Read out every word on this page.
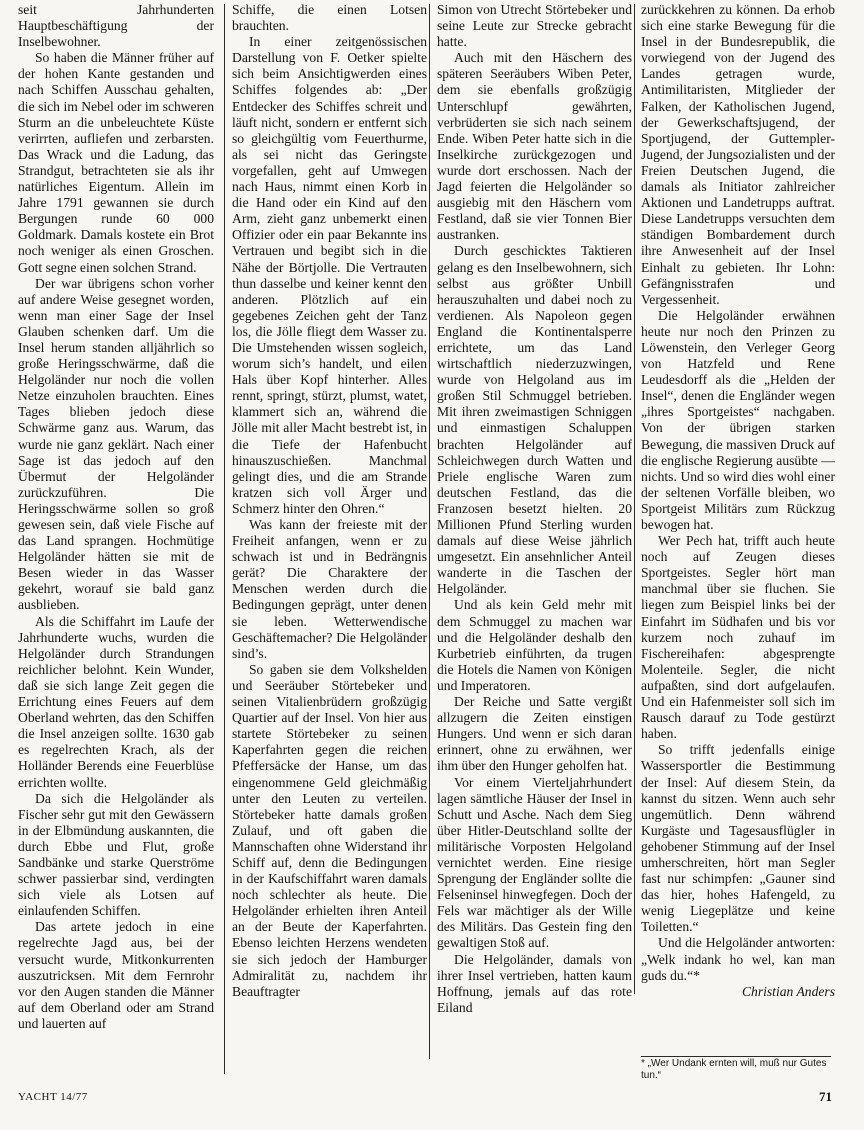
seit Jahrhunderten Hauptbeschäftigung der Inselbewohner.

So haben die Männer früher auf der hohen Kante gestanden und nach Schiffen Ausschau gehalten, die sich im Nebel oder im schweren Sturm an die unbeleuchtete Küste verirrten, aufliefen und zerbarsten. Das Wrack und die Ladung, das Strandgut, betrachteten sie als ihr natürliches Eigentum. Allein im Jahre 1791 gewannen sie durch Bergungen runde 60 000 Goldmark. Damals kostete ein Brot noch weniger als einen Groschen. Gott segne einen solchen Strand.

Der war übrigens schon vorher auf andere Weise gesegnet worden, wenn man einer Sage der Insel Glauben schenken darf. Um die Insel herum standen alljährlich so große Heringsschwärme, daß die Helgoländer nur noch die vollen Netze einzuholen brauchten. Eines Tages blieben jedoch diese Schwärme ganz aus. Warum, das wurde nie ganz geklärt. Nach einer Sage ist das jedoch auf den Übermut der Helgoländer zurückzuführen. Die Heringsschwärme sollen so groß gewesen sein, daß viele Fische auf das Land sprangen. Hochmütige Helgoländer hätten sie mit de Besen wieder in das Wasser gekehrt, worauf sie bald ganz ausblieben.

Als die Schiffahrt im Laufe der Jahrhunderte wuchs, wurden die Helgoländer durch Strandungen reichlicher belohnt. Kein Wunder, daß sie sich lange Zeit gegen die Errichtung eines Feuers auf dem Oberland wehrten, das den Schiffen die Insel anzeigen sollte. 1630 gab es regelrechten Krach, als der Holländer Berends eine Feuerblüse errichten wollte.

Da sich die Helgoländer als Fischer sehr gut mit den Gewässern in der Elbmündung auskannten, die durch Ebbe und Flut, große Sandbänke und starke Querströme schwer passierbar sind, verdingten sich viele als Lotsen auf einlaufenden Schiffen.

Das artete jedoch in eine regelrechte Jagd aus, bei der versucht wurde, Mitkonkurrenten auszutricksen. Mit dem Fernrohr vor den Augen standen die Männer auf dem Oberland oder am Strand und lauerten auf

Schiffe, die einen Lotsen brauchten.

In einer zeitgenössischen Darstellung von F. Oetker spielte sich beim Ansichtigwerden eines Schiffes folgendes ab: „Der Entdecker des Schiffes schreit und läuft nicht, sondern er entfernt sich so gleichgültig vom Feuerthurme, als sei nicht das Geringste vorgefallen, geht auf Umwegen nach Haus, nimmt einen Korb in die Hand oder ein Kind auf den Arm, zieht ganz unbemerkt einen Offizier oder ein paar Bekannte ins Vertrauen und begibt sich in die Nähe der Börtjolle. Die Vertrauten thun dasselbe und keiner kennt den anderen. Plötzlich auf ein gegebenes Zeichen geht der Tanz los, die Jölle fliegt dem Wasser zu. Die Umstehenden wissen sogleich, worum sich’s handelt, und eilen Hals über Kopf hinterher. Alles rennt, springt, stürzt, plumst, watet, klammert sich an, während die Jölle mit aller Macht bestrebt ist, in die Tiefe der Hafenbucht hinauszuschießen. Manchmal gelingt dies, und die am Strande kratzen sich voll Ärger und Schmerz hinter den Ohren.“

Was kann der freieste mit der Freiheit anfangen, wenn er zu schwach ist und in Bedrängnis gerät? Die Charaktere der Menschen werden durch die Bedingungen geprägt, unter denen sie leben. Wetterwendische Geschäftemacher? Die Helgoländer sind’s.

So gaben sie dem Volkshelden und Seeräuber Störtebeker und seinen Vitalienbrüdern großzügig Quartier auf der Insel. Von hier aus startete Störtebeker zu seinen Kaperfahrten gegen die reichen Pfeffersäcke der Hanse, um das eingenommene Geld gleichmäßig unter den Leuten zu verteilen. Störtebeker hatte damals großen Zulauf, und oft gaben die Mannschaften ohne Widerstand ihr Schiff auf, denn die Bedingungen in der Kaufschiffahrt waren damals noch schlechter als heute. Die Helgoländer erhielten ihren Anteil an der Beute der Kaperfahrten. Ebenso leichten Herzens wendeten sie sich jedoch der Hamburger Admiralität zu, nachdem ihr Beauftragter

Simon von Utrecht Störtebeker und seine Leute zur Strecke gebracht hatte.

Auch mit den Häschern des späteren Seeräubers Wiben Peter, dem sie ebenfalls großzügig Unterschlupf gewährten, verbrüderten sie sich nach seinem Ende. Wiben Peter hatte sich in die Inselkirche zurückgezogen und wurde dort erschossen. Nach der Jagd feierten die Helgoländer so ausgiebig mit den Häschern vom Festland, daß sie vier Tonnen Bier austranken.

Durch geschicktes Taktieren gelang es den Inselbewohnern, sich selbst aus größter Unbill herauszuhalten und dabei noch zu verdienen. Als Napoleon gegen England die Kontinentalsperre errichtete, um das Land wirtschaftlich niederzuzwingen, wurde von Helgoland aus im großen Stil Schmuggel betrieben. Mit ihren zweimastigen Schniggen und einmastigen Schaluppen brachten Helgoländer auf Schleichwegen durch Watten und Priele englische Waren zum deutschen Festland, das die Franzosen besetzt hielten. 20 Millionen Pfund Sterling wurden damals auf diese Weise jährlich umgesetzt. Ein ansehnlicher Anteil wanderte in die Taschen der Helgoländer.

Und als kein Geld mehr mit dem Schmuggel zu machen war und die Helgoländer deshalb den Kurbetrieb einführten, da trugen die Hotels die Namen von Königen und Imperatoren.

Der Reiche und Satte vergißt allzugern die Zeiten einstigen Hungers. Und wenn er sich daran erinnert, ohne zu erwähnen, wer ihm über den Hunger geholfen hat.

Vor einem Vierteljahrhundert lagen sämtliche Häuser der Insel in Schutt und Asche. Nach dem Sieg über Hitler-Deutschland sollte der militärische Vorposten Helgoland vernichtet werden. Eine riesige Sprengung der Engländer sollte die Felseninsel hinwegfegen. Doch der Fels war mächtiger als der Wille des Militärs. Das Gestein fing den gewaltigen Stoß auf.

Die Helgoländer, damals von ihrer Insel vertrieben, hatten kaum Hoffnung, jemals auf das rote Eiland

zurückkehren zu können. Da erhob sich eine starke Bewegung für die Insel in der Bundesrepublik, die vorwiegend von der Jugend des Landes getragen wurde, Antimilitaristen, Mitglieder der Falken, der Katholischen Jugend, der Gewerkschaftsjugend, der Sportjugend, der Guttempler-Jugend, der Jungsozialisten und der Freien Deutschen Jugend, die damals als Initiator zahlreicher Aktionen und Landetrupps auftrat. Diese Landetrupps versuchten dem ständigen Bombardement durch ihre Anwesenheit auf der Insel Einhalt zu gebieten. Ihr Lohn: Gefängnisstrafen und Vergessenheit.

Die Helgoländer erwähnen heute nur noch den Prinzen zu Löwenstein, den Verleger Georg von Hatzfeld und Rene Leudesdorff als die „Helden der Insel“, denen die Engländer wegen „ihres Sportgeistes“ nachgaben. Von der übrigen starken Bewegung, die massiven Druck auf die englische Regierung ausübte — nichts. Und so wird dies wohl einer der seltenen Vorfälle bleiben, wo Sportgeist Militärs zum Rückzug bewogen hat.

Wer Pech hat, trifft auch heute noch auf Zeugen dieses Sportgeistes. Segler hört man manchmal über sie fluchen. Sie liegen zum Beispiel links bei der Einfahrt im Südhafen und bis vor kurzem noch zuhauf im Fischereihafen: abgesprengte Molenteile. Segler, die nicht aufpaßten, sind dort aufgelaufen. Und ein Hafenmeister soll sich im Rausch darauf zu Tode gestürzt haben.

So trifft jedenfalls einige Wassersportler die Bestimmung der Insel: Auf diesem Stein, da kannst du sitzen. Wenn auch sehr ungemütlich. Denn während Kurgäste und Tagesausflügler in gehobener Stimmung auf der Insel umherschreiten, hört man Segler fast nur schimpfen: „Gauner sind das hier, hohes Hafengeld, zu wenig Liegeplätze und keine Toiletten.“

Und die Helgoländer antworten: „Welk indank ho wel, kan man guds du.“*

Christian Anders

* „Wer Undank ernten will, muß nur Gutes tun.“
YACHT 14/77	71
